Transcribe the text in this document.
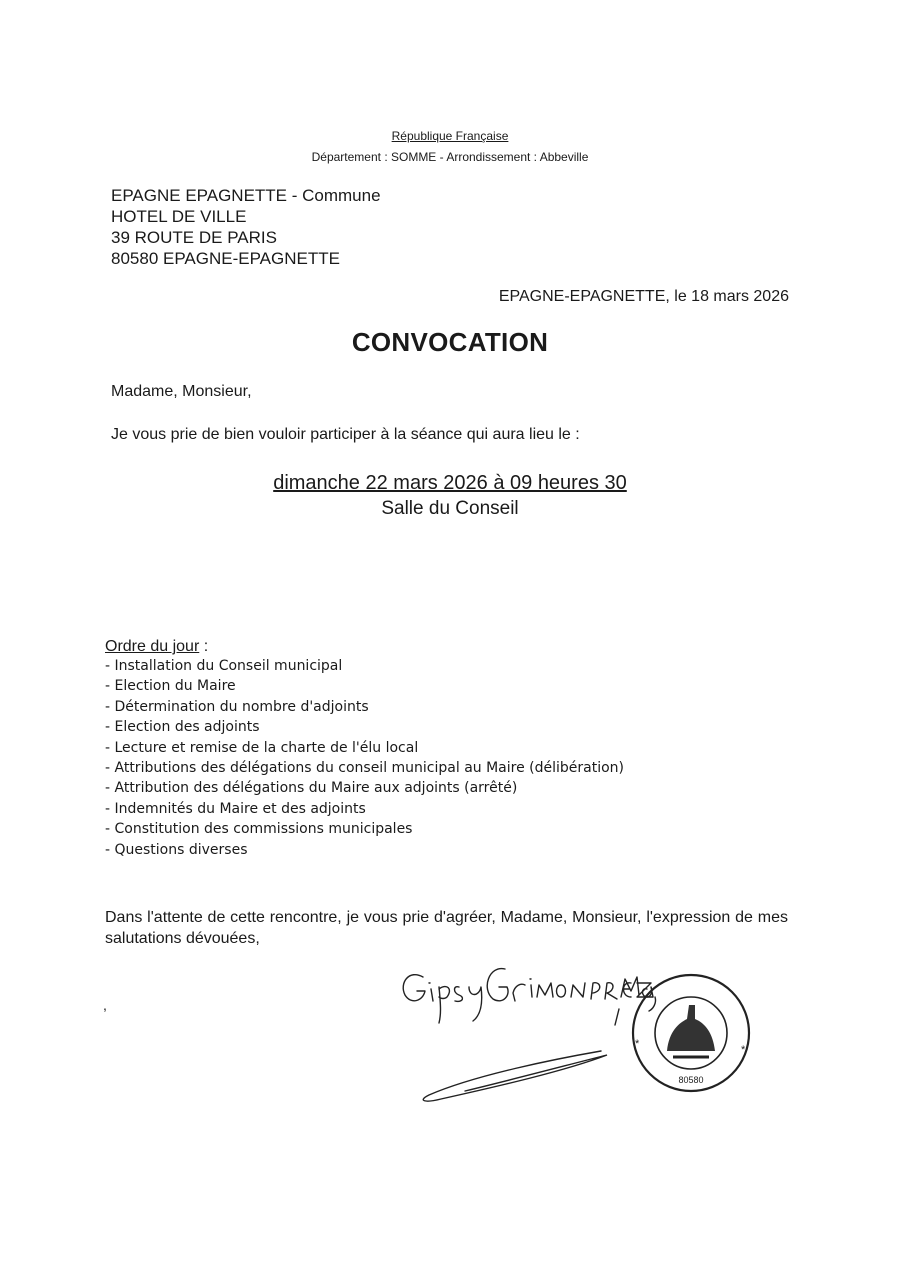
République Française
Département : SOMME - Arrondissement : Abbeville
EPAGNE EPAGNETTE - Commune
HOTEL DE VILLE
39 ROUTE DE PARIS
80580 EPAGNE-EPAGNETTE
EPAGNE-EPAGNETTE, le 18 mars 2026
CONVOCATION
Madame, Monsieur,
Je vous prie de bien vouloir participer à la séance qui aura lieu le :
dimanche 22 mars 2026 à 09 heures 30
Salle du Conseil
Ordre du jour :
- Installation du Conseil municipal
- Election du Maire
- Détermination du nombre d'adjoints
- Election des adjoints
- Lecture et remise de la charte de l'élu local
- Attributions des délégations du conseil municipal au Maire (délibération)
- Attribution des délégations du Maire aux adjoints (arrêté)
- Indemnités du Maire et des adjoints
- Constitution des commissions municipales
- Questions diverses
Dans l'attente de cette rencontre, je vous prie d'agréer, Madame, Monsieur, l'expression de mes salutations dévouées,
,
80580
*	*
